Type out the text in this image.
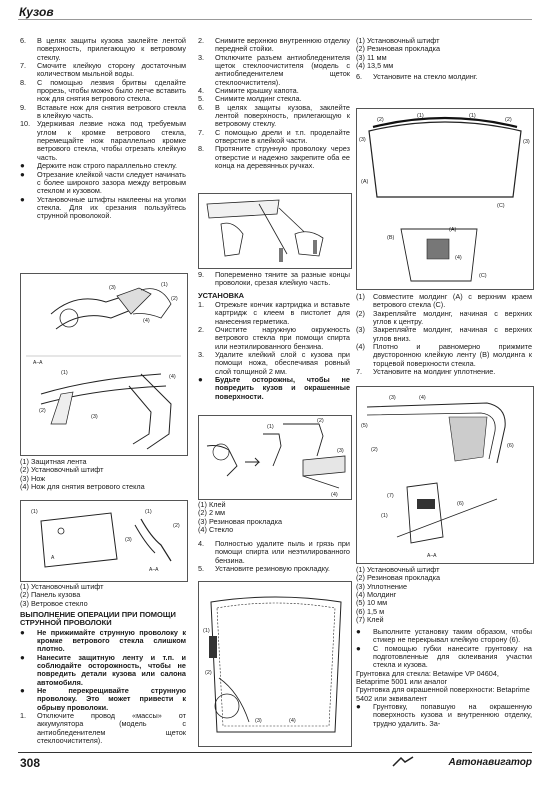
Кузов
6.	В целях защиты кузова заклейте лентой поверхность, прилегающую к ветровому стеклу.
7.	Смочите клейкую сторону достаточным количеством мыльной воды.
8.	С помощью лезвия бритвы сделайте прорезь, чтобы можно было легче вставить нож для снятия ветрового стекла.
9.	Вставьте нож для снятия ветрового стекла в клейкую часть.
10. Удерживая лезвие ножа под требуемым углом к кромке ветрового стекла, перемещайте нож параллельно кромке ветрового стекла, чтобы отрезать клейкую часть.
●	Держите нож строго параллельно стеклу.
●	Отрезание клейкой части следует начинать с более широкого зазора между ветровым стеклом и кузовом.
●	Установочные штифты наклеены на уголки стекла. Для их срезания пользуйтесь струнной проволокой.
(1)
(2)
(3)
(4)
A–A
(1)
(2)
(3)
(4)
(1) Защитная лента
(2) Установочный штифт
(3) Нож
(4) Нож для снятия ветрового стекла
(1)
A
(1)
(2)
(3)
A–A
(1) Установочный штифт
(2) Панель кузова
(3) Ветровое стекло
ВЫПОЛНЕНИЕ ОПЕРАЦИИ ПРИ ПОМОЩИ СТРУННОЙ ПРОВОЛОКИ
●	Не прижимайте струнную проволоку к кромке ветрового стекла слишком плотно.
●	Нанесите защитную ленту и т.п. и соблюдайте осторожность, чтобы не повредить детали кузова или салона автомобиля.
●	Не перекрещивайте струнную проволоку. Это может привести к обрыву проволоки.
1.	Отключите провод «массы» от аккумулятора (модель с антиобледенителем щеток стеклоочистителя).
2.	Снимите верхнюю внутреннюю отделку передней стойки.
3.	Отключите разъем антиобледенителя щеток стеклоочистителя (модель с антиобледенителем щеток стеклоочистителя).
4.	Снимите крышку капота.
5.	Снимите молдинг стекла.
6.	В целях защиты кузова, заклейте лентой поверхность, прилегающую к ветровому стеклу.
7.	С помощью дрели и т.п. проделайте отверстие в клейкой части.
8.	Протяните струнную проволоку через отверстие и надежно закрепите оба ее конца на деревянных ручках.
9.	Попеременно тяните за разные концы проволоки, срезая клейкую часть.
УСТАНОВКА
1.	Отрежьте кончик картриджа и вставьте картридж с клеем в пистолет для нанесения герметика.
2.	Очистите наружную окружность ветрового стекла при помощи спирта или неэтилированного бензина.
3.	Удалите клейкий слой с кузова при помощи ножа, обеспечивая ровный слой толщиной 2 мм.
●	Будьте осторожны, чтобы не повредить кузов и окрашенные поверхности.
(1)
(2)
(3)
(4)
(1) Клей
(2) 2 мм
(3) Резиновая прокладка
(4) Стекло
4.	Полностью удалите пыль и грязь при помощи спирта или неэтилированного бензина.
5.	Установите резиновую прокладку.
(1)
(2)
(3)	(4)
(1) Установочный штифт
(2) Резиновая прокладка
(3) 11 мм
(4) 13,5 мм
6.	Установите на стекло молдинг.
(2)
(1)	(1)
(2)
(3)	(3)
(A)
(C)
(B)
(A)
(4)
(C)
(1)	Совместите молдинг (А) с верхним краем ветрового стекла (С).
(2)	Закрепляйте молдинг, начиная с верхних углов к центру.
(3)	Закрепляйте молдинг, начиная с верхних углов вниз.
(4)	Плотно и равномерно прижмите двусторонною клейкую ленту (В) молдинга к торцевой поверхности стекла.
7.	Установите на молдинг уплотнение.
(3)	(4)
(5)
(6)
(2)
(7)
(1)
(6)
A–A
(1) Установочный штифт
(2) Резиновая прокладка
(3) Уплотнение
(4) Молдинг
(5) 10 мм
(6) 1,5 м
(7) Клей
●	Выполните установку таким образом, чтобы стикер не перекрывал клейкую сторону (6).
●	С помощью губки нанесите грунтовку на подготовленные для склеивания участки стекла и кузова.
Грунтовка для стекла: Betawipe VP 04604, Betaprime 5001 или аналог
Грунтовка для окрашенной поверхности: Betaprime 5402 или эквивалент
●	Грунтовку, попавшую на окрашенную поверхность кузова и внутреннюю отделку, трудно удалить. За-
308	Автонавигатор
